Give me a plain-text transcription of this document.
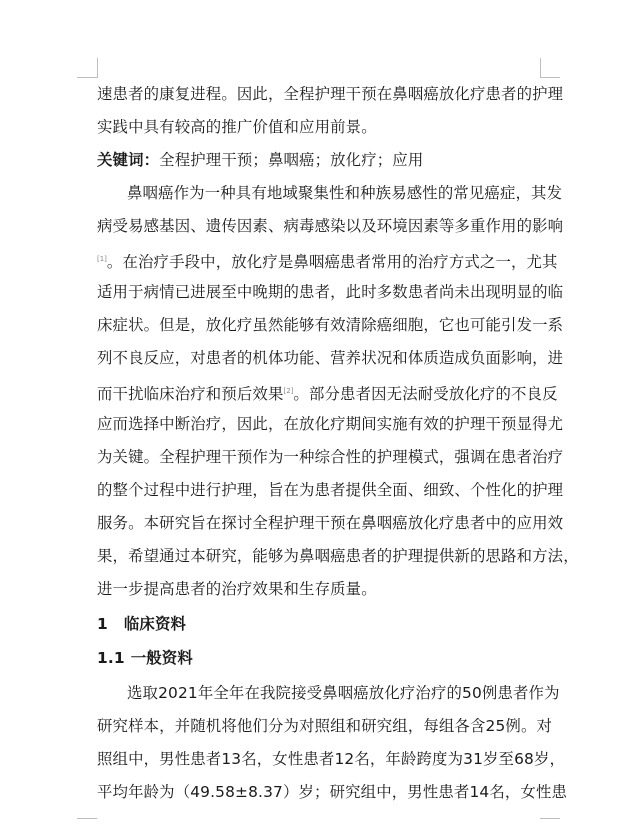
速患者的康复进程。因此，全程护理干预在鼻咽癌放化疗患者的护理
实践中具有较高的推广价值和应用前景。
关键词：全程护理干预；鼻咽癌；放化疗；应用
鼻咽癌作为一种具有地域聚集性和种族易感性的常见癌症，其发
病受易感基因、遗传因素、病毒感染以及环境因素等多重作用的影响
[1]。在治疗手段中，放化疗是鼻咽癌患者常用的治疗方式之一，尤其
适用于病情已进展至中晚期的患者，此时多数患者尚未出现明显的临
床症状。但是，放化疗虽然能够有效清除癌细胞，它也可能引发一系
列不良反应，对患者的机体功能、营养状况和体质造成负面影响，进
而干扰临床治疗和预后效果[2]。部分患者因无法耐受放化疗的不良反
应而选择中断治疗，因此，在放化疗期间实施有效的护理干预显得尤
为关键。全程护理干预作为一种综合性的护理模式，强调在患者治疗
的整个过程中进行护理，旨在为患者提供全面、细致、个性化的护理
服务。本研究旨在探讨全程护理干预在鼻咽癌放化疗患者中的应用效
果，希望通过本研究，能够为鼻咽癌患者的护理提供新的思路和方法，
进一步提高患者的治疗效果和生存质量。
1 临床资料
1.1 一般资料
选取2021年全年在我院接受鼻咽癌放化疗治疗的50例患者作为
研究样本，并随机将他们分为对照组和研究组，每组各含25例。对
照组中，男性患者13名，女性患者12名，年龄跨度为31岁至68岁，
平均年龄为（49.58±8.37）岁；研究组中，男性患者14名，女性患
